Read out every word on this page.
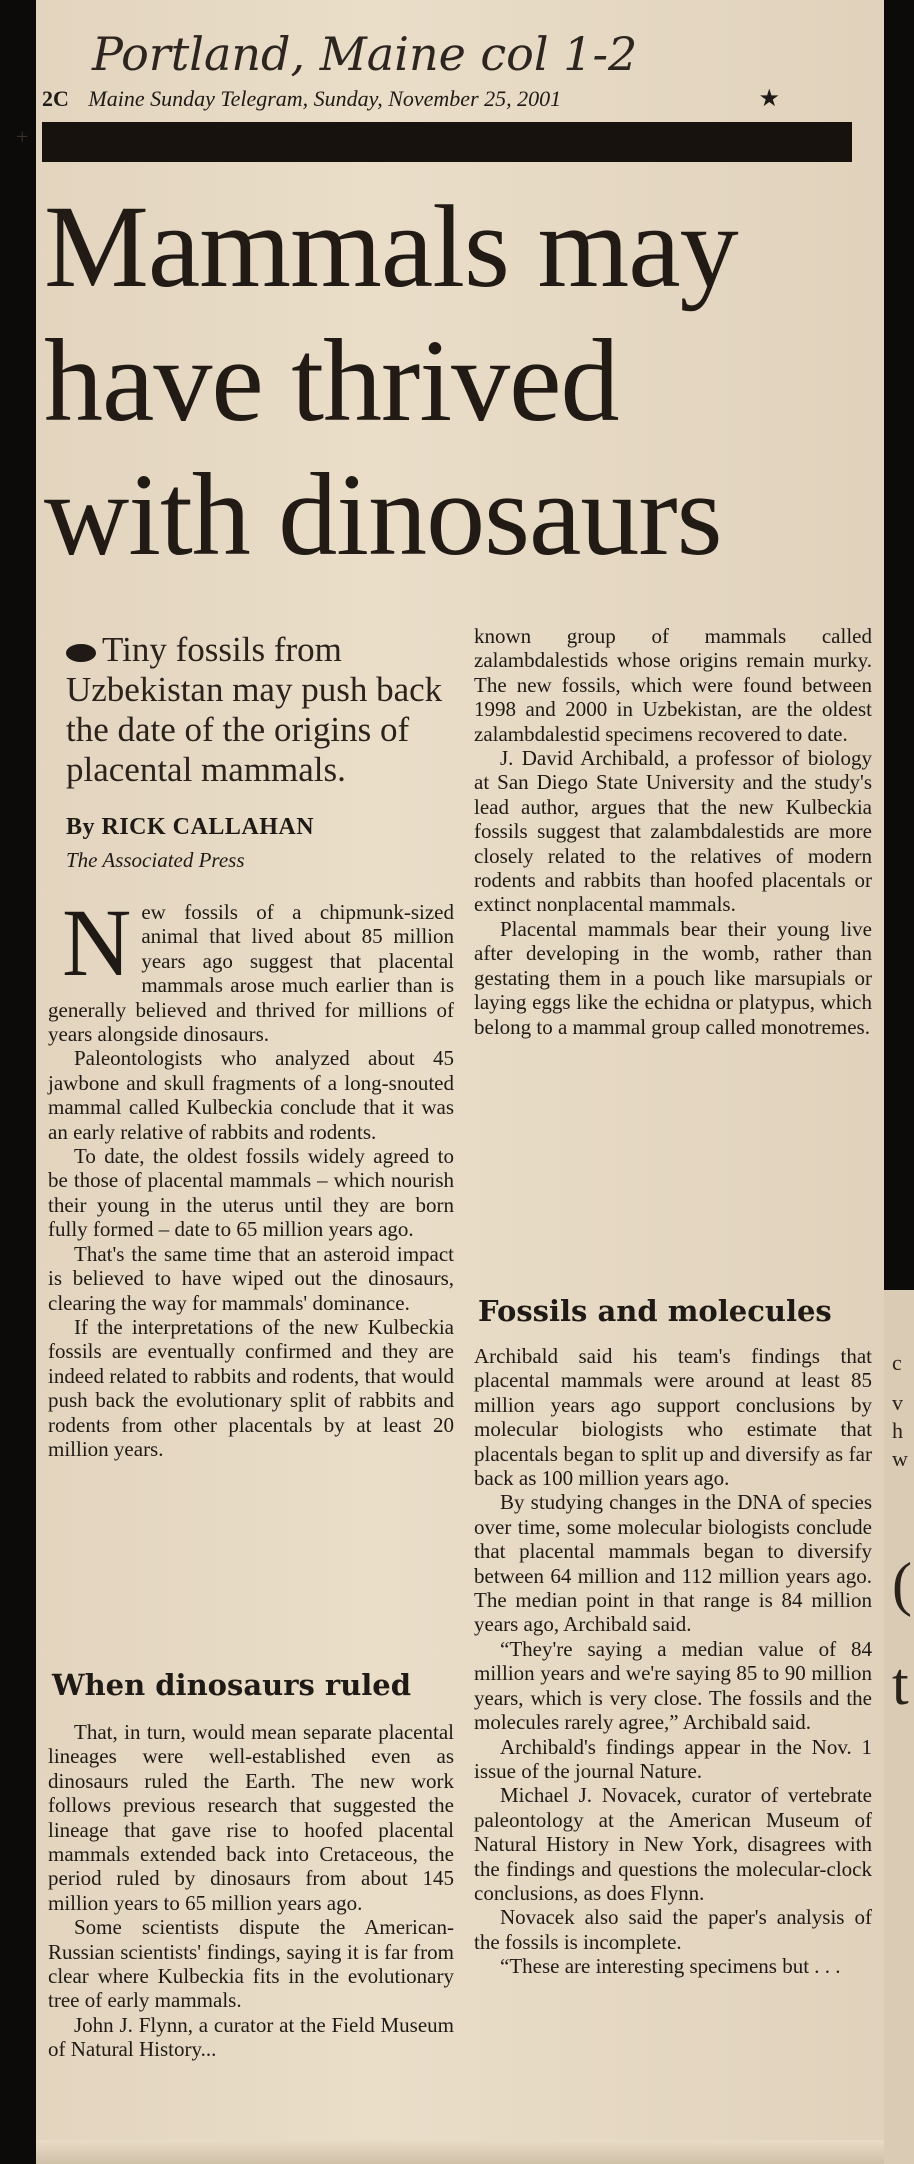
c
v
h
w
(
t
Portland, Maine col 1-2
2C Maine Sunday Telegram, Sunday, November 25, 2001	★
+
Mammals may have thrived with dinosaurs
Tiny fossils from Uzbekistan may push back the date of the origins of placental mammals.
By RICK CALLAHAN
The Associated Press

New fossils of a chipmunk-sized animal that lived about 85 million years ago suggest that placental mammals arose much earlier than is generally believed and thrived for millions of years alongside dinosaurs.

Paleontologists who analyzed about 45 jawbone and skull fragments of a long-snouted mammal called Kulbeckia conclude that it was an early relative of rabbits and rodents.

To date, the oldest fossils widely agreed to be those of placental mammals – which nourish their young in the uterus until they are born fully formed – date to 65 million years ago.

That's the same time that an asteroid impact is believed to have wiped out the dinosaurs, clearing the way for mammals' dominance.

If the interpretations of the new Kulbeckia fossils are eventually confirmed and they are indeed related to rabbits and rodents, that would push back the evolutionary split of rabbits and rodents from other placentals by at least 20 million years.

When dinosaurs ruled

That, in turn, would mean separate placental lineages were well-established even as dinosaurs ruled the Earth. The new work follows previous research that suggested the lineage that gave rise to hoofed placental mammals extended back into Cretaceous, the period ruled by dinosaurs from about 145 million years to 65 million years ago.

Some scientists dispute the American-Russian scientists' findings, saying it is far from clear where Kulbeckia fits in the evolutionary tree of early mammals.

John J. Flynn, a curator at the Field Museum of Natural History...

known group of mammals called zalambdalestids whose origins remain murky. The new fossils, which were found between 1998 and 2000 in Uzbekistan, are the oldest zalambdalestid specimens recovered to date.

J. David Archibald, a professor of biology at San Diego State University and the study's lead author, argues that the new Kulbeckia fossils suggest that zalambdalestids are more closely related to the relatives of modern rodents and rabbits than hoofed placentals or extinct nonplacental mammals.

Placental mammals bear their young live after developing in the womb, rather than gestating them in a pouch like marsupials or laying eggs like the echidna or platypus, which belong to a mammal group called monotremes.

Fossils and molecules

Archibald said his team's findings that placental mammals were around at least 85 million years ago support conclusions by molecular biologists who estimate that placentals began to split up and diversify as far back as 100 million years ago.

By studying changes in the DNA of species over time, some molecular biologists conclude that placental mammals began to diversify between 64 million and 112 million years ago. The median point in that range is 84 million years ago, Archibald said.

“They're saying a median value of 84 million years and we're saying 85 to 90 million years, which is very close. The fossils and the molecules rarely agree,” Archibald said.

Archibald's findings appear in the Nov. 1 issue of the journal Nature.

Michael J. Novacek, curator of vertebrate paleontology at the American Museum of Natural History in New York, disagrees with the findings and questions the molecular-clock conclusions, as does Flynn.

Novacek also said the paper's analysis of the fossils is incomplete.

“These are interesting specimens but . . .
